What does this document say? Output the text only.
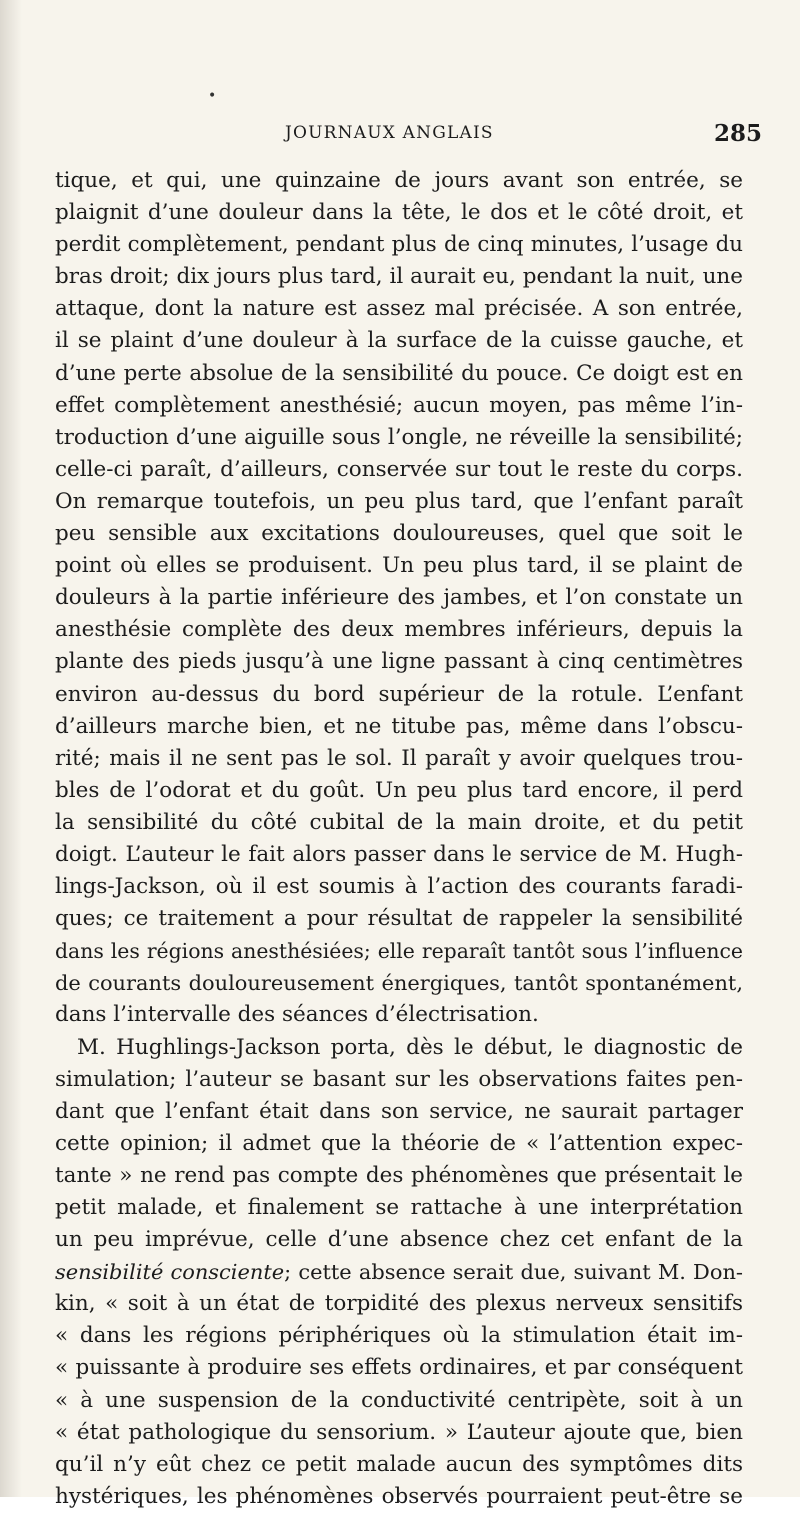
•
JOURNAUX ANGLAIS	285
tique, et qui, une quinzaine de jours avant son entrée, se
plaignit d’une douleur dans la tête, le dos et le côté droit, et
perdit complètement, pendant plus de cinq minutes, l’usage du
bras droit; dix jours plus tard, il aurait eu, pendant la nuit, une
attaque, dont la nature est assez mal précisée. A son entrée,
il se plaint d’une douleur à la surface de la cuisse gauche, et
d’une perte absolue de la sensibilité du pouce. Ce doigt est en
effet complètement anesthésié; aucun moyen, pas même l’in-
troduction d’une aiguille sous l’ongle, ne réveille la sensibilité;
celle-ci paraît, d’ailleurs, conservée sur tout le reste du corps.
On remarque toutefois, un peu plus tard, que l’enfant paraît
peu sensible aux excitations douloureuses, quel que soit le
point où elles se produisent. Un peu plus tard, il se plaint de
douleurs à la partie inférieure des jambes, et l’on constate un
anesthésie complète des deux membres inférieurs, depuis la
plante des pieds jusqu’à une ligne passant à cinq centimètres
environ au-dessus du bord supérieur de la rotule. L’enfant
d’ailleurs marche bien, et ne titube pas, même dans l’obscu-
rité; mais il ne sent pas le sol. Il paraît y avoir quelques trou-
bles de l’odorat et du goût. Un peu plus tard encore, il perd
la sensibilité du côté cubital de la main droite, et du petit
doigt. L’auteur le fait alors passer dans le service de M. Hugh-
lings-Jackson, où il est soumis à l’action des courants faradi-
ques; ce traitement a pour résultat de rappeler la sensibilité
dans les régions anesthésiées; elle reparaît tantôt sous l’influence
de courants douloureusement énergiques, tantôt spontanément,
dans l’intervalle des séances d’électrisation.
M. Hughlings-Jackson porta, dès le début, le diagnostic de
simulation; l’auteur se basant sur les observations faites pen-
dant que l’enfant était dans son service, ne saurait partager
cette opinion; il admet que la théorie de « l’attention expec-
tante » ne rend pas compte des phénomènes que présentait le
petit malade, et finalement se rattache à une interprétation
un peu imprévue, celle d’une absence chez cet enfant de la
sensibilité consciente; cette absence serait due, suivant M. Don-
kin, « soit à un état de torpidité des plexus nerveux sensitifs
« dans les régions périphériques où la stimulation était im-
« puissante à produire ses effets ordinaires, et par conséquent
« à une suspension de la conductivité centripète, soit à un
« état pathologique du sensorium. » L’auteur ajoute que, bien
qu’il n’y eût chez ce petit malade aucun des symptômes dits
hystériques, les phénomènes observés pourraient peut-être se
